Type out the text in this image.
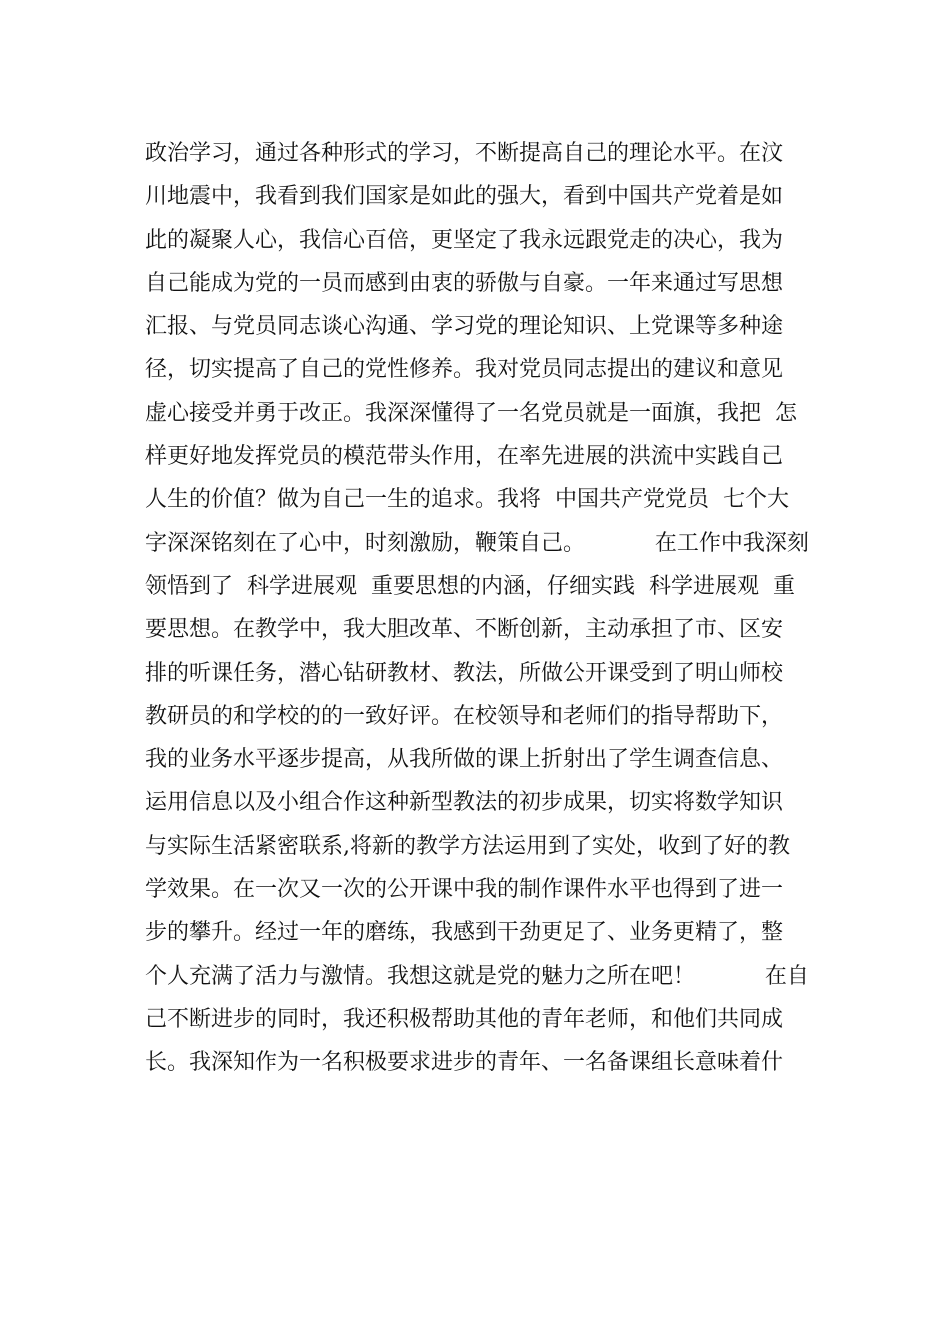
政治学习，通过各种形式的学习，不断提高自己的理论水平。在汶
川地震中，我看到我们国家是如此的强大，看到中国共产党着是如
此的凝聚人心，我信心百倍，更坚定了我永远跟党走的决心，我为
自己能成为党的一员而感到由衷的骄傲与自豪。一年来通过写思想
汇报、与党员同志谈心沟通、学习党的理论知识、上党课等多种途
径，切实提高了自己的党性修养。我对党员同志提出的建议和意见
虚心接受并勇于改正。我深深懂得了一名党员就是一面旗，我把  怎
样更好地发挥党员的模范带头作用，在率先进展的洪流中实践自己
人生的价值？做为自己一生的追求。我将  中国共产党党员  七个大
字深深铭刻在了心中，时刻激励，鞭策自己。          在工作中我深刻
领悟到了  科学进展观  重要思想的内涵，仔细实践  科学进展观  重
要思想。在教学中，我大胆改革、不断创新，主动承担了市、区安
排的听课任务，潜心钻研教材、教法，所做公开课受到了明山师校
教研员的和学校的的一致好评。在校领导和老师们的指导帮助下，
我的业务水平逐步提高，从我所做的课上折射出了学生调查信息、
运用信息以及小组合作这种新型教法的初步成果，切实将数学知识
与实际生活紧密联系,将新的教学方法运用到了实处，收到了好的教
学效果。在一次又一次的公开课中我的制作课件水平也得到了进一
步的攀升。经过一年的磨练，我感到干劲更足了、业务更精了，整
个人充满了活力与激情。我想这就是党的魅力之所在吧！          在自
己不断进步的同时，我还积极帮助其他的青年老师，和他们共同成
长。我深知作为一名积极要求进步的青年、一名备课组长意味着什
